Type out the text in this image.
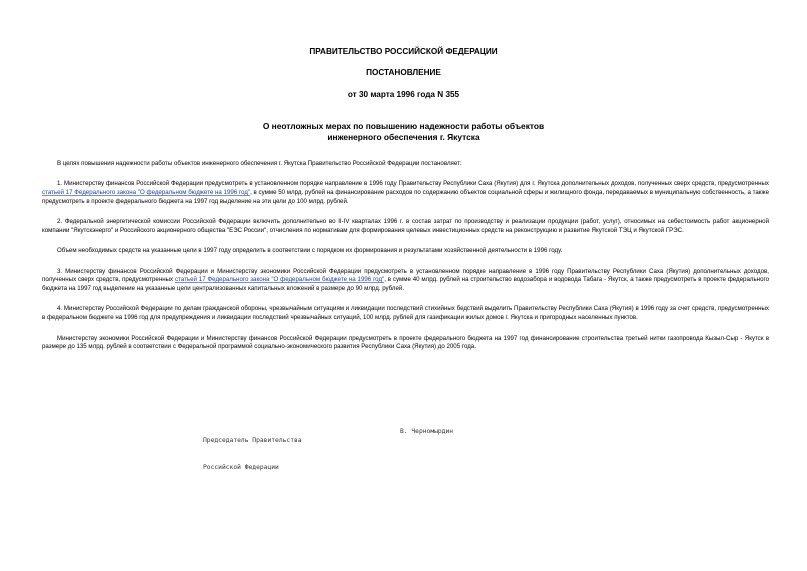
ПРАВИТЕЛЬСТВО РОССИЙСКОЙ ФЕДЕРАЦИИ
ПОСТАНОВЛЕНИЕ
от 30 марта 1996 года N 355
О неотложных мерах по повышению надежности работы объектов
инженерного обеспечения г. Якутска

В целях повышения надежности работы объектов инженерного обеспечения г. Якутска Правительство Российской Федерации постановляет:

1. Министерству финансов Российской Федерации предусмотреть в установленном порядке направление в 1996 году Правительству Республики Саха (Якутия) для г. Якутска дополнительных доходов, полученных сверх средств, предусмотренных статьей 17 Федерального закона "О федеральном бюджете на 1996 год", в сумме 50 млрд. рублей на финансирование расходов по содержанию объектов социальной сферы и жилищного фонда, передаваемых в муниципальную собственность, а также предусмотреть в проекте федерального бюджета на 1997 год выделение на эти цели до 100 млрд. рублей.

2. Федеральной энергетической комиссии Российской Федерации включить дополнительно во II-IV кварталах 1996 г. в состав затрат по производству и реализации продукции (работ, услуг), относимых на себестоимость работ акционерной компании "Якутскэнерго" и Российского акционерного общества "ЕЭС России", отчисления по нормативам для формирования целевых инвестиционных средств на реконструкцию и развитие Якутской ТЭЦ и Якутской ГРЭС.

Объем необходимых средств на указанные цели в 1997 году определить в соответствии с порядком их формирования и результатами хозяйственной деятельности в 1996 году.

3. Министерству финансов Российской Федерации и Министерству экономики Российской Федерации предусмотреть в установленном порядке направление в 1996 году Правительству Республики Саха (Якутия) дополнительных доходов, полученных сверх средств, предусмотренных статьей 17 Федерального закона "О федеральном бюджете на 1996 год", в сумме 40 млрд. рублей на строительство водозабора и водовода Табага - Якутск, а также предусмотреть в проекте федерального бюджета на 1997 год выделение на указанные цели централизованных капитальных вложений в размере до 90 млрд. рублей.

4. Министерству Российской Федерации по делам гражданской обороны, чрезвычайным ситуациям и ликвидации последствий стихийных бедствий выделить Правительству Республики Саха (Якутия) в 1996 году за счет средств, предусмотренных в федеральном бюджете на 1996 год для предупреждения и ликвидации последствий чрезвычайных ситуаций, 100 млрд. рублей для газификации жилых домов г. Якутска и пригородных населенных пунктов.

Министерству экономики Российской Федерации и Министерству финансов Российской Федерации предусмотреть в проекте федерального бюджета на 1997 год финансирование строительства третьей нитки газопровода Кызыл-Сыр - Якутск в размере до 135 млрд. рублей в соответствии с Федеральной программой социально-экономического развития Республики Саха (Якутия) до 2005 года.

Председатель Правительства

Российской Федерации

В. Черномырдин
